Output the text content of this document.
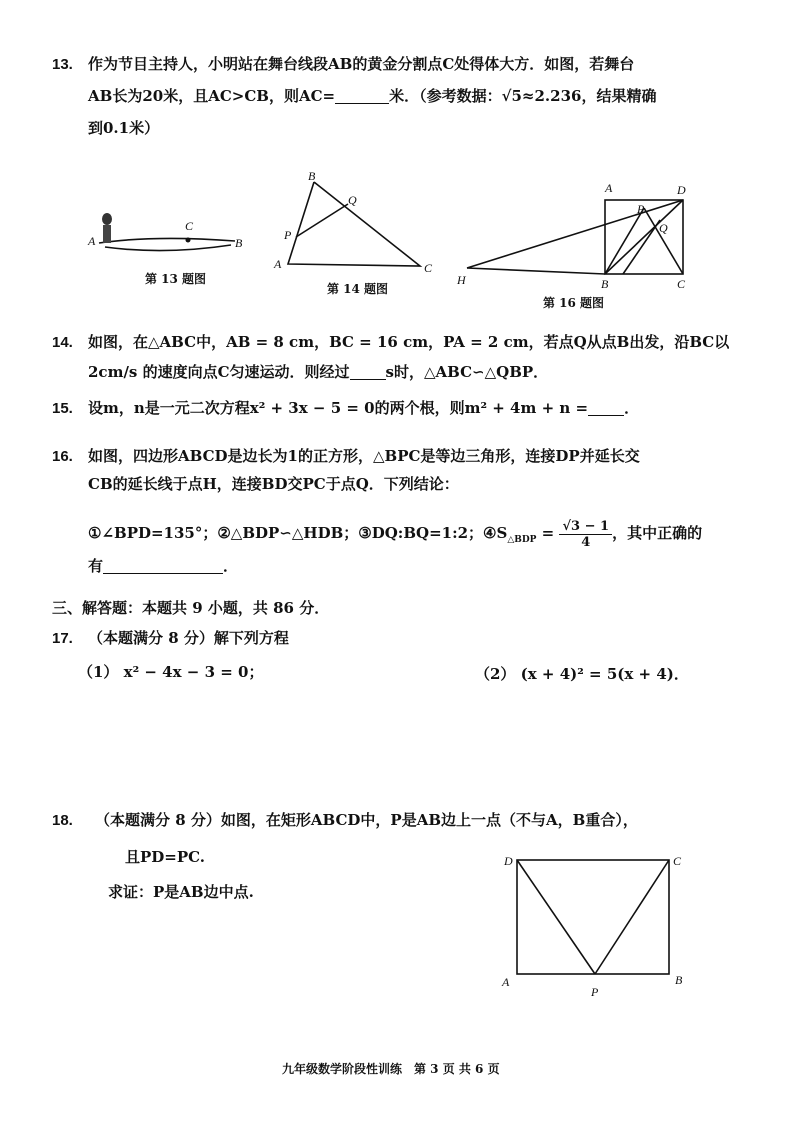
13. 作为节目主持人，小明站在舞台线段AB的黄金分割点C处得体大方．如图，若舞台
AB长为20米，且AC>CB，则AC=	米．（参考数据：√5≈2.236，结果精确
到0.1米）
C
A	B
第 13 题图
B
A	C
P
Q
第 14 题图
A	D
P
Q
H	B	C
第 16 题图
14. 如图，在△ABC中，AB = 8 cm，BC = 16 cm，PA = 2 cm，若点Q从点B出发，沿BC以
2cm/s 的速度向点C匀速运动．则经过 s时，△ABC∽△QBP．
15. 设m，n是一元二次方程x² + 3x − 5 = 0的两个根，则m² + 4m + n = ．
16. 如图，四边形ABCD是边长为1的正方形，△BPC是等边三角形，连接DP并延长交
CB的延长线于点H，连接BD交PC于点Q．下列结论：
①∠BPD=135°；②△BDP∽△HDB；③DQ:BQ=1:2；$④S_{\triangle BDP} = \frac{√3 - 1}{4}$ ，其中正确的
有	．
三、解答题：本题共 9 小题，共 86 分．
17. （本题满分 8 分）解下列方程
（1） x² − 4x − 3 = 0；	（2） (x + 4)² = 5(x + 4)．
18. （本题满分 8 分）如图，在矩形ABCD中，P是AB边上一点（不与A，B重合），
且PD=PC.
求证：P是AB边中点.
D	C
A	B
P
九年级数学阶段性训练　第 3 页 共 6 页
